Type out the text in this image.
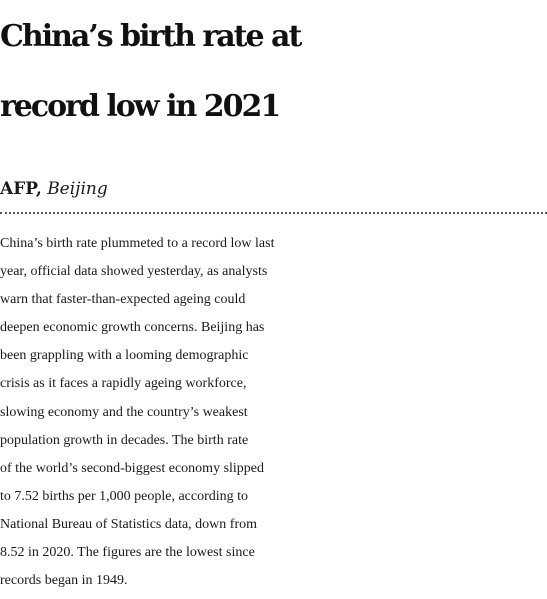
China’s birth rate at
record low in 2021
AFP, Beijing
China’s birth rate plummeted to a record low last
year, official data showed yesterday, as analysts
warn that faster-than-expected ageing could
deepen economic growth concerns. Beijing has
been grappling with a looming demographic
crisis as it faces a rapidly ageing workforce,
slowing economy and the country’s weakest
population growth in decades. The birth rate
of the world’s second-biggest economy slipped
to 7.52 births per 1,000 people, according to
National Bureau of Statistics data, down from
8.52 in 2020. The figures are the lowest since
records began in 1949.
